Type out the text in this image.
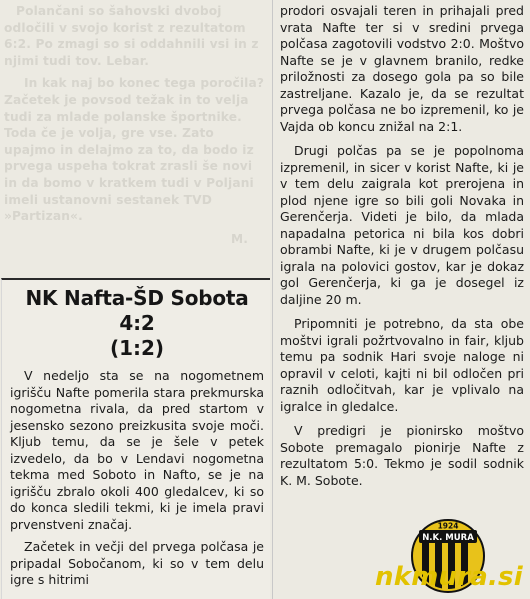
Polančani so šahovski dvoboj odločili v svojo korist z rezultatom 6:2. Po zmagi so si oddahnili vsi in z njimi tudi tov. Lebar.

In kak naj bo konec tega poročila? Začetek je povsod težak in to velja tudi za mlade polanske športnike. Toda če je volja, gre vse. Zato upajmo in delajmo za to, da bodo iz prvega uspeha tokrat zrasli še novi in da bomo v kratkem tudi v Poljani imeli ustanovni sestanek TVD »Partizan«.

M.

NK Nafta-ŠD Sobota 4:2
(1:2)

V nedeljo sta se na nogometnem igrišču Nafte pomerila stara prekmurska nogometna rivala, da pred startom v jesensko sezono preizkusita svoje moči. Kljub temu, da se je šele v petek izvedelo, da bo v Lendavi nogometna tekma med Soboto in Nafto, se je na igrišču zbralo okoli 400 gledalcev, ki so do konca sledili tekmi, ki je imela pravi prvenstveni značaj.

Začetek in večji del prvega polčasa je pripadal Sobočanom, ki so v tem delu igre s hitrimi

prodori osvajali teren in prihajali pred vrata Nafte ter si v sredini prvega polčasa zagotovili vodstvo 2:0. Moštvo Nafte se je v glavnem branilo, redke priložnosti za dosego gola pa so bile zastreljane. Kazalo je, da se rezultat prvega polčasa ne bo izpremenil, ko je Vajda ob koncu znižal na 2:1.

Drugi polčas pa se je popolnoma izpremenil, in sicer v korist Nafte, ki je v tem delu zaigrala kot prerojena in plod njene igre so bili goli Novaka in Gerenčerja. Videti je bilo, da mlada napadalna petorica ni bila kos dobri obrambi Nafte, ki je v drugem polčasu igrala na polovici gostov, kar je dokaz gol Gerenčerja, ki ga je dosegel iz daljine 20 m.

Pripomniti je potrebno, da sta obe moštvi igrali požrtvovalno in fair, kljub temu pa sodnik Hari svoje naloge ni opravil v celoti, kajti ni bil odločen pri raznih odločitvah, kar je vplivalo na igralce in gledalce.

V predigri je pionirsko moštvo Sobote premagalo pionirje Nafte z rezultatom 5:0. Tekmo je sodil sodnik K. M. Sobote.

1924
N.K. MURA
nkmura.si
